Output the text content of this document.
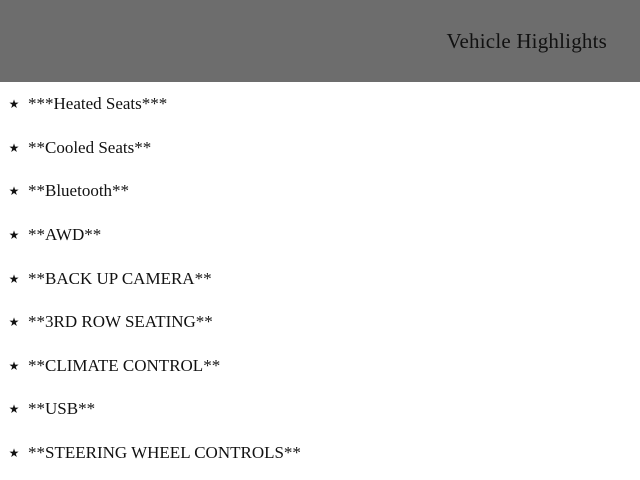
Vehicle Highlights
★ ***Heated Seats***
★ **Cooled Seats**
★ **Bluetooth**
★ **AWD**
★ **BACK UP CAMERA**
★ **3RD ROW SEATING**
★ **CLIMATE CONTROL**
★ **USB**
★ **STEERING WHEEL CONTROLS**
